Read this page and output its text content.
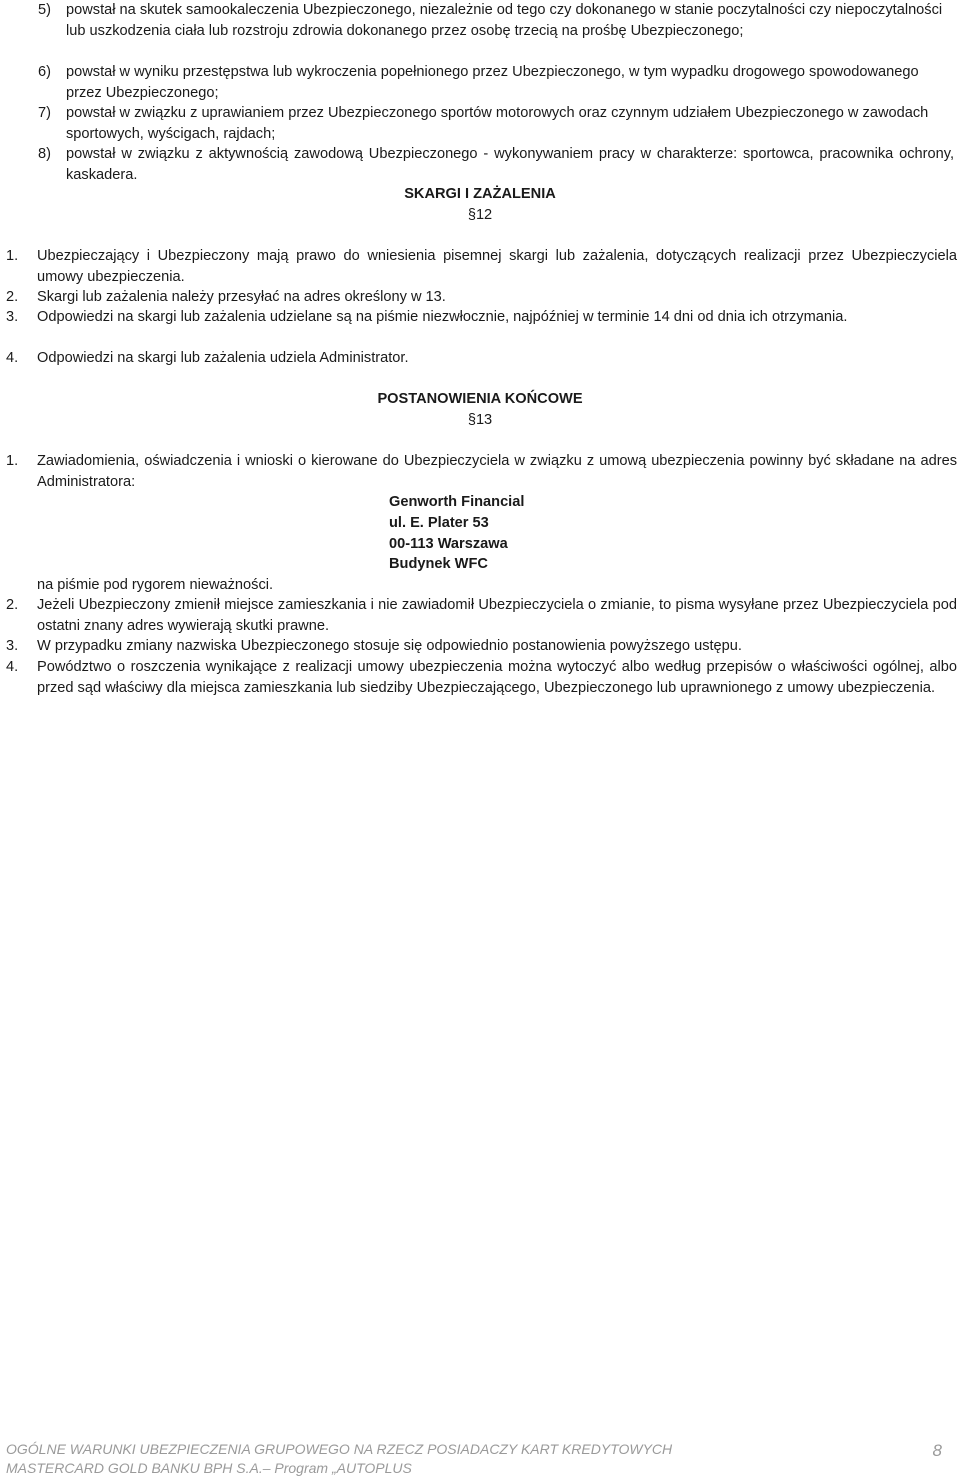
5) powstał na skutek samookaleczenia Ubezpieczonego, niezależnie od tego czy dokonanego w stanie poczytalności czy niepoczytalności lub uszkodzenia ciała lub rozstroju zdrowia dokonanego przez osobę trzecią na prośbę Ubezpieczonego;
6) powstał w wyniku przestępstwa lub wykroczenia popełnionego przez Ubezpieczonego, w tym wypadku drogowego spowodowanego przez Ubezpieczonego;
7) powstał w związku z uprawianiem przez Ubezpieczonego sportów motorowych oraz czynnym udziałem Ubezpieczonego w zawodach sportowych, wyścigach, rajdach;
8) powstał w związku z aktywnością zawodową Ubezpieczonego - wykonywaniem pracy w charakterze: sportowca, pracownika ochrony, kaskadera.
SKARGI I ZAŻALENIA
§12
1. Ubezpieczający i Ubezpieczony mają prawo do wniesienia pisemnej skargi lub zażalenia, dotyczących realizacji przez Ubezpieczyciela umowy ubezpieczenia.
2. Skargi lub zażalenia należy przesyłać na adres określony w 13.
3. Odpowiedzi na skargi lub zażalenia udzielane są na piśmie niezwłocznie, najpóźniej w terminie 14 dni od dnia ich otrzymania.
4. Odpowiedzi na skargi lub zażalenia udziela Administrator.
POSTANOWIENIA KOŃCOWE
§13
1. Zawiadomienia, oświadczenia i wnioski o kierowane do Ubezpieczyciela w związku z umową ubezpieczenia powinny być składane na adres Administratora:
Genworth Financial
ul. E. Plater 53
00-113 Warszawa
Budynek WFC
na piśmie pod rygorem nieważności.
2. Jeżeli Ubezpieczony zmienił miejsce zamieszkania i nie zawiadomił Ubezpieczyciela o zmianie, to pisma wysyłane przez Ubezpieczyciela pod ostatni znany adres wywierają skutki prawne.
3. W przypadku zmiany nazwiska Ubezpieczonego stosuje się odpowiednio postanowienia powyższego ustępu.
4. Powództwo o roszczenia wynikające z realizacji umowy ubezpieczenia można wytoczyć albo według przepisów o właściwości ogólnej, albo przed sąd właściwy dla miejsca zamieszkania lub siedziby Ubezpieczającego, Ubezpieczonego lub uprawnionego z umowy ubezpieczenia.
OGÓLNE WARUNKI UBEZPIECZENIA GRUPOWEGO NA RZECZ POSIADACZY KART KREDYTOWYCH
MASTERCARD GOLD BANKU BPH S.A.– Program „AUTOPLUS
8
